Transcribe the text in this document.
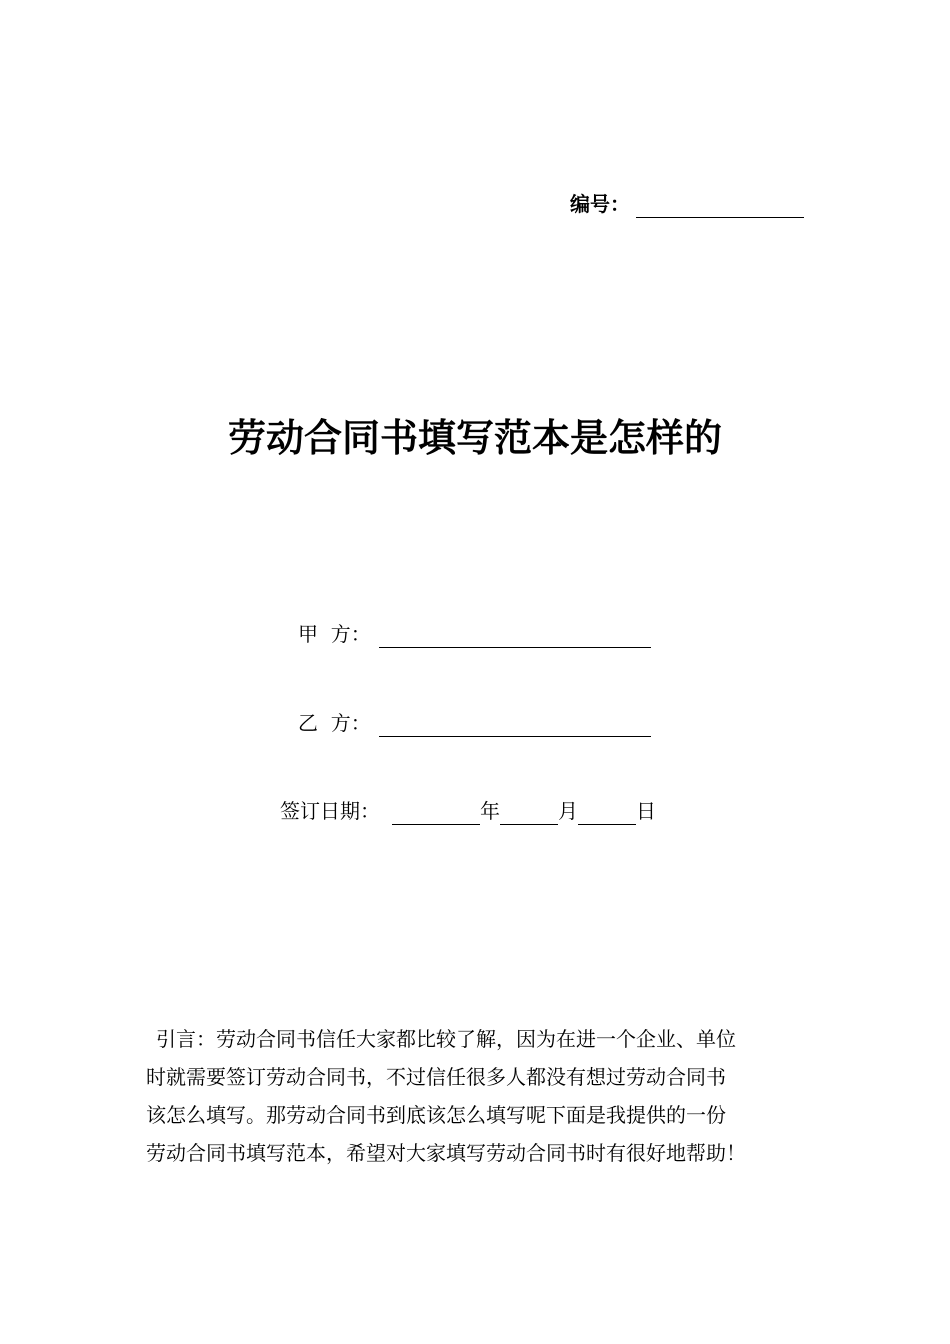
编号：
劳动合同书填写范本是怎样的
甲  方：
乙  方：
签订日期：	年	月	日
引言：劳动合同书信任大家都比较了解，因为在进一个企业、单位
时就需要签订劳动合同书，不过信任很多人都没有想过劳动合同书
该怎么填写。那劳动合同书到底该怎么填写呢下面是我提供的一份
劳动合同书填写范本，希望对大家填写劳动合同书时有很好地帮助！
